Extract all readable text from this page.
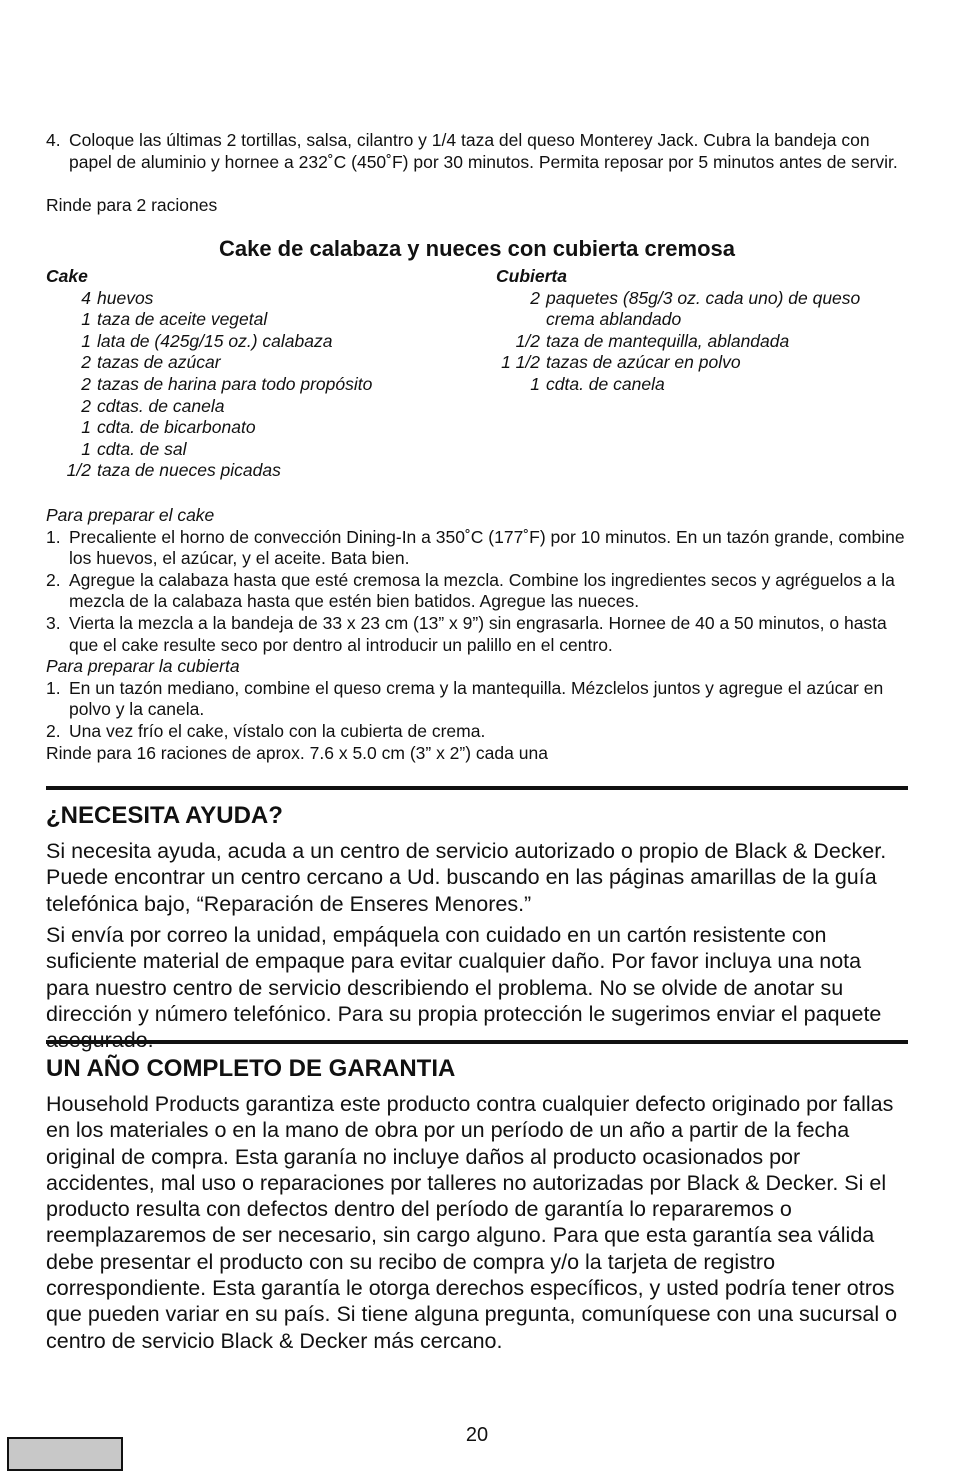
4. Coloque las últimas 2 tortillas, salsa, cilantro y 1/4 taza del queso Monterey Jack. Cubra la bandeja con papel de aluminio y hornee a 232˚C (450˚F) por 30 minutos. Permita reposar por 5 minutos antes de servir.
Rinde para 2 raciones
Cake de calabaza y nueces con cubierta cremosa
Cake
4 huevos
1 taza de aceite vegetal
1 lata de (425g/15 oz.) calabaza
2 tazas de azúcar
2 tazas de harina para todo propósito
2 cdtas. de canela
1 cdta. de bicarbonato
1 cdta. de sal
1/2 taza de nueces picadas
Cubierta
2 paquetes (85g/3 oz. cada uno) de queso crema ablandado
1/2 taza de mantequilla, ablandada
1 1/2 tazas de azúcar en polvo
1 cdta. de canela
Para preparar el cake
1. Precaliente el horno de convección Dining-In a 350˚C (177˚F) por 10 minutos. En un tazón grande, combine los huevos, el azúcar, y el aceite. Bata bien.
2. Agregue la calabaza hasta que esté cremosa la mezcla. Combine los ingredientes secos y agréguelos a la mezcla de la calabaza hasta que estén bien batidos. Agregue las nueces.
3. Vierta la mezcla a la bandeja de 33 x 23 cm (13” x 9”) sin engrasarla. Hornee de 40 a 50 minutos, o hasta que el cake resulte seco por dentro al introducir un palillo en el centro.
Para preparar la cubierta
1. En un tazón mediano, combine el queso crema y la mantequilla. Mézclelos juntos y agregue el azúcar en polvo y la canela.
2. Una vez frío el cake, vístalo con la cubierta de crema.
Rinde para 16 raciones de aprox. 7.6 x 5.0 cm (3” x 2”) cada una
¿NECESITA AYUDA?
Si necesita ayuda, acuda a un centro de servicio autorizado o propio de Black & Decker. Puede encontrar un centro cercano a Ud. buscando en las páginas amarillas de la guía telefónica bajo, “Reparación de Enseres Menores.”
Si envía por correo la unidad, empáquela con cuidado en un cartón resistente con suficiente material de empaque para evitar cualquier daño. Por favor incluya una nota para nuestro centro de servicio describiendo el problema. No se olvide de anotar su dirección y número telefónico. Para su propia protección le sugerimos enviar el paquete
UN AÑO COMPLETO DE GARANTIA
Household Products garantiza este producto contra cualquier defecto originado por fallas en los materiales o en la mano de obra por un período de un año a partir de la fecha original de compra. Esta garanía no incluye daños al producto ocasionados por accidentes, mal uso o reparaciones por talleres no autorizadas por Black & Decker. Si el producto resulta con defectos dentro del período de garantía lo repararemos o reemplazaremos de ser necesario, sin cargo alguno. Para que esta garantía sea válida debe presentar el producto con su recibo de compra y/o la tarjeta de registro correspondiente. Esta garantía le otorga derechos específicos, y usted podría tener otros que pueden variar en su país. Si tiene alguna pregunta, comuníquese con una sucursal o centro de servicio Black & Decker más cercano.
20
